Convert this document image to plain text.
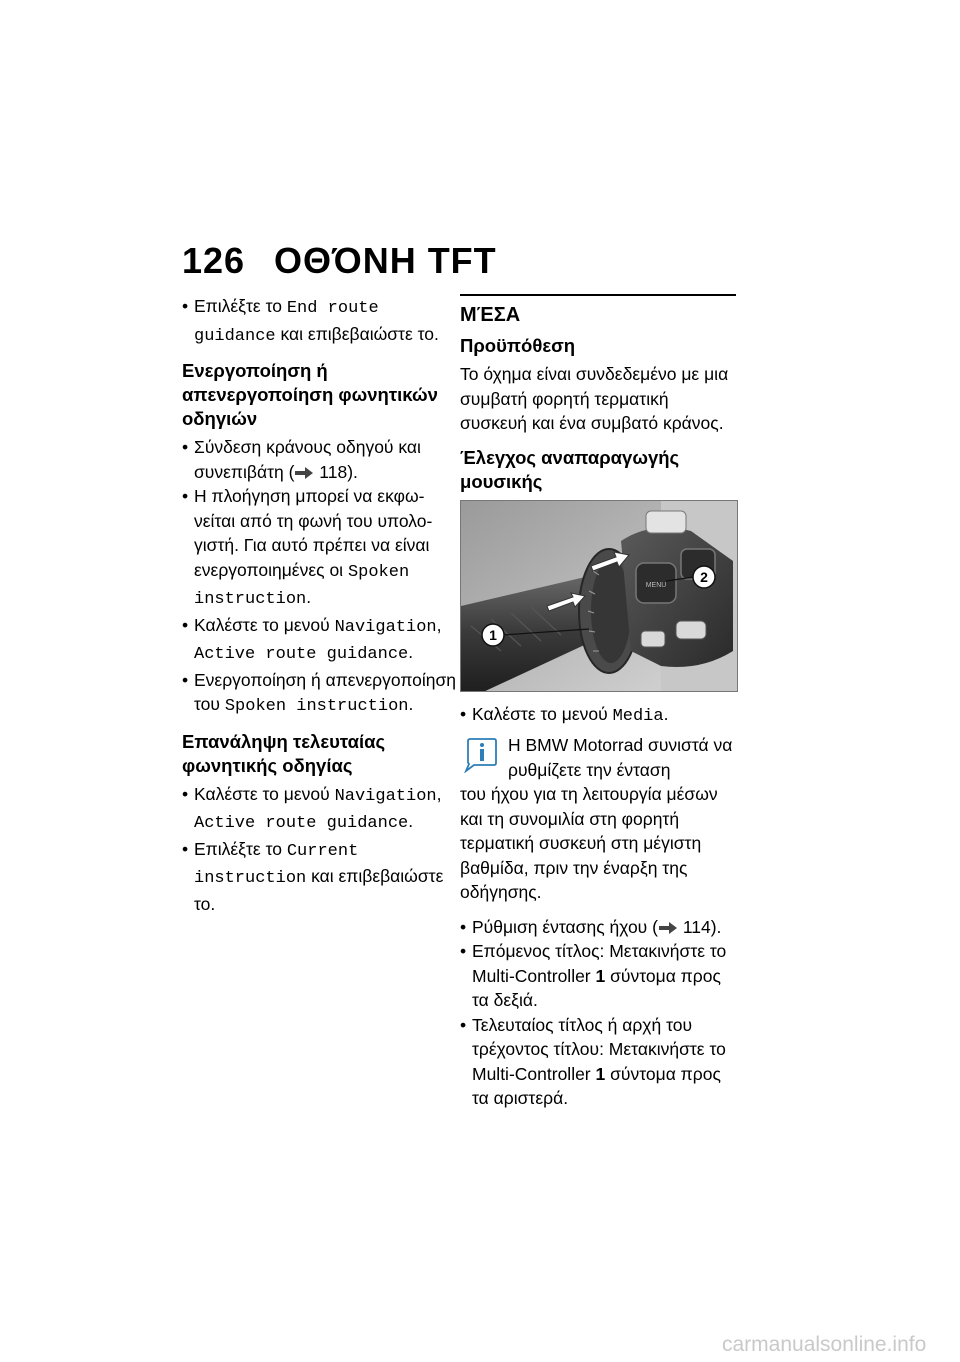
126 ΟΘΌΝΗ TFT
• Επιλέξτε το End route guidance και επιβεβαιώστε το.
Ενεργοποίηση ή απενεργοποίηση φωνητικών οδηγιών
• Σύνδεση κράνους οδηγού και συνεπιβάτη ( 118).
• Η πλοήγηση μπορεί να εκφωνείται από τη φωνή του υπολογιστή. Για αυτό πρέπει να είναι ενεργοποιημένες οι Spoken instruction.
• Καλέστε το μενού Navigation, Active route guidance.
• Ενεργοποίηση ή απενεργοποίηση του Spoken instruction.
Επανάληψη τελευταίας φωνητικής οδηγίας
• Καλέστε το μενού Navigation, Active route guidance.
• Επιλέξτε το Current instruction και επιβεβαιώστε το.
ΜΈΣΑ
Προϋπόθεση
Το όχημα είναι συνδεδεμένο με μια συμβατή φορητή τερματική συσκευή και ένα συμβατό κράνος.
Έλεγχος αναπαραγωγής μουσικής
MENU
1
2
• Καλέστε το μενού Media.
Η BMW Motorrad συνιστά να ρυθμίζετε την ένταση
του ήχου για τη λειτουργία μέσων και τη συνομιλία στη φορητή τερματική συσκευή στη μέγιστη βαθμίδα, πριν την έναρξη της οδήγησης.
• Ρύθμιση έντασης ήχου ( 114).
• Επόμενος τίτλος: Μετακινήστε το Multi-Controller 1 σύντομα προς τα δεξιά.
• Τελευταίος τίτλος ή αρχή του τρέχοντος τίτλου: Μετακινήστε το Multi-Controller 1 σύντομα προς τα αριστερά.
carmanualsonline.info
